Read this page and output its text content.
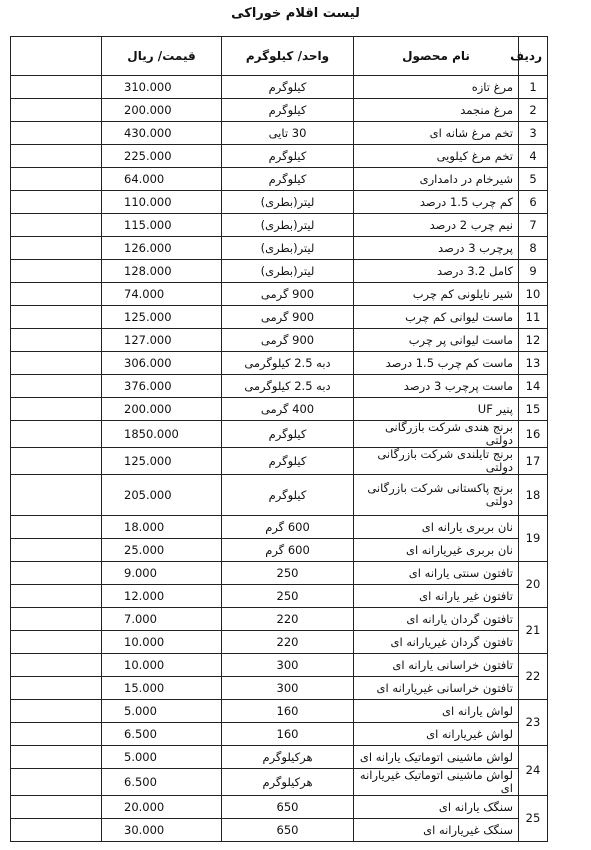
لیست اقلام خوراکی
ردیف	نام محصول	واحد/ کیلوگرم	قیمت/ ریال	
1	مرغ تازه	کیلوگرم	310.000	
2	مرغ منجمد	کیلوگرم	200.000	
3	تخم مرغ شانه ای	30 تایی	430.000	
4	تخم مرغ کیلویی	کیلوگرم	225.000	
5	شیرخام در دامداری	کیلوگرم	64.000	
6	کم چرب 1.5 درصد	لیتر(بطری)	110.000	
7	نیم چرب 2 درصد	لیتر(بطری)	115.000	
8	پرچرب 3 درصد	لیتر(بطری)	126.000	
9	کامل 3.2 درصد	لیتر(بطری)	128.000	
10	شیر نایلونی کم چرب	900 گرمی	74.000	
11	ماست لیوانی کم چرب	900 گرمی	125.000	
12	ماست لیوانی پر چرب	900 گرمی	127.000	
13	ماست کم چرب 1.5 درصد	دبه 2.5 کیلوگرمی	306.000	
14	ماست پرچرب 3 درصد	دبه 2.5 کیلوگرمی	376.000	
15	پنیر UF	400 گرمی	200.000	
16	برنج هندی شرکت بازرگانی دولتی	کیلوگرم	1850.000	
17	برنج تایلندی شرکت بازرگانی دولتی	کیلوگرم	125.000	
18	برنج پاکستانی شرکت بازرگانی دولتی	کیلوگرم	205.000	
19	نان بربری یارانه ای	600 گرم	18.000	
	نان بربری غیریارانه ای	600 گرم	25.000	
20	تافتون سنتی یارانه ای	250	9.000	
	تافتون غیر یارانه ای	250	12.000	
21	تافتون گردان یارانه ای	220	7.000	
	تافتون گردان غیریارانه ای	220	10.000	
22	تافتون خراسانی یارانه ای	300	10.000	
	تافتون خراسانی غیریارانه ای	300	15.000	
23	لواش یارانه ای	160	5.000	
	لواش غیریارانه ای	160	6.500	
24	لواش ماشینی اتوماتیک یارانه ای	هرکیلوگرم	5.000	
	لواش ماشینی اتوماتیک غیریارانه ای	هرکیلوگرم	6.500	
25	سنگک یارانه ای	650	20.000	
	سنگک غیریارانه ای	650	30.000	
